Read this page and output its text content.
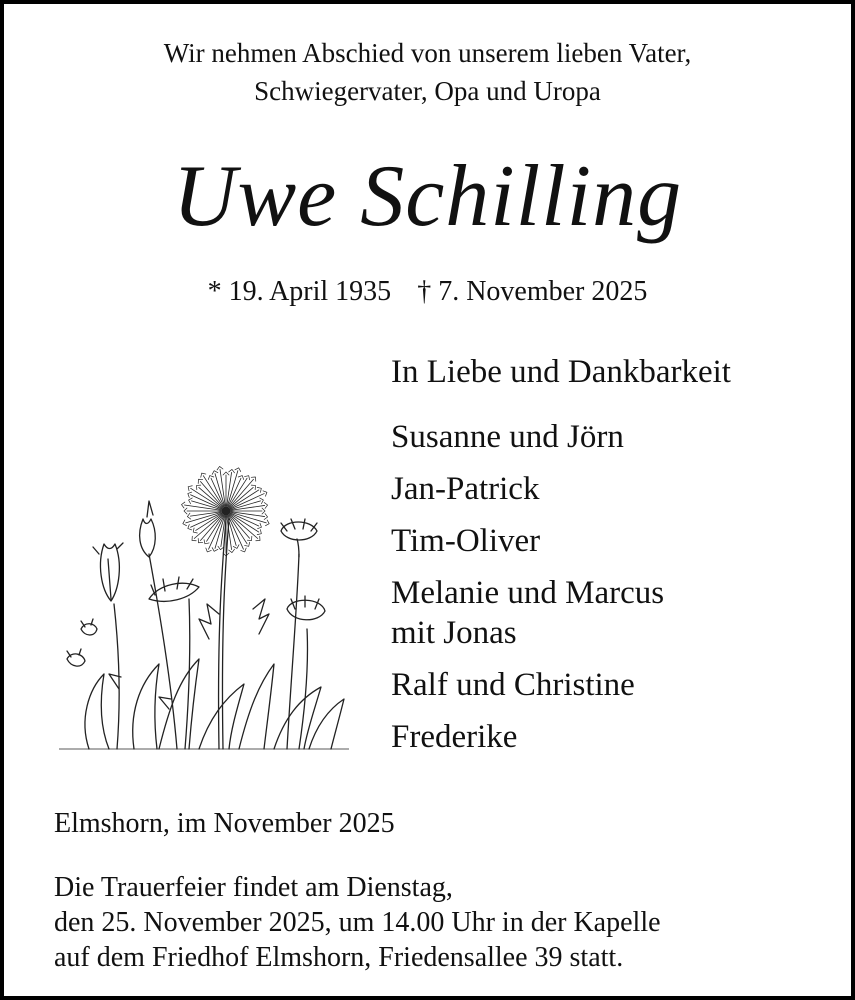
Wir nehmen Abschied von unserem lieben Vater,
Schwiegervater, Opa und Uropa
Uwe Schilling
* 19. April 1935 † 7. November 2025
In Liebe und Dankbarkeit
Susanne und Jörn
Jan-Patrick
Tim-Oliver
Melanie und Marcus
mit Jonas
Ralf und Christine
Frederike
Elmshorn, im November 2025
Die Trauerfeier findet am Dienstag,
den 25. November 2025, um 14.00 Uhr in der Kapelle
auf dem Friedhof Elmshorn, Friedensallee 39 statt.
